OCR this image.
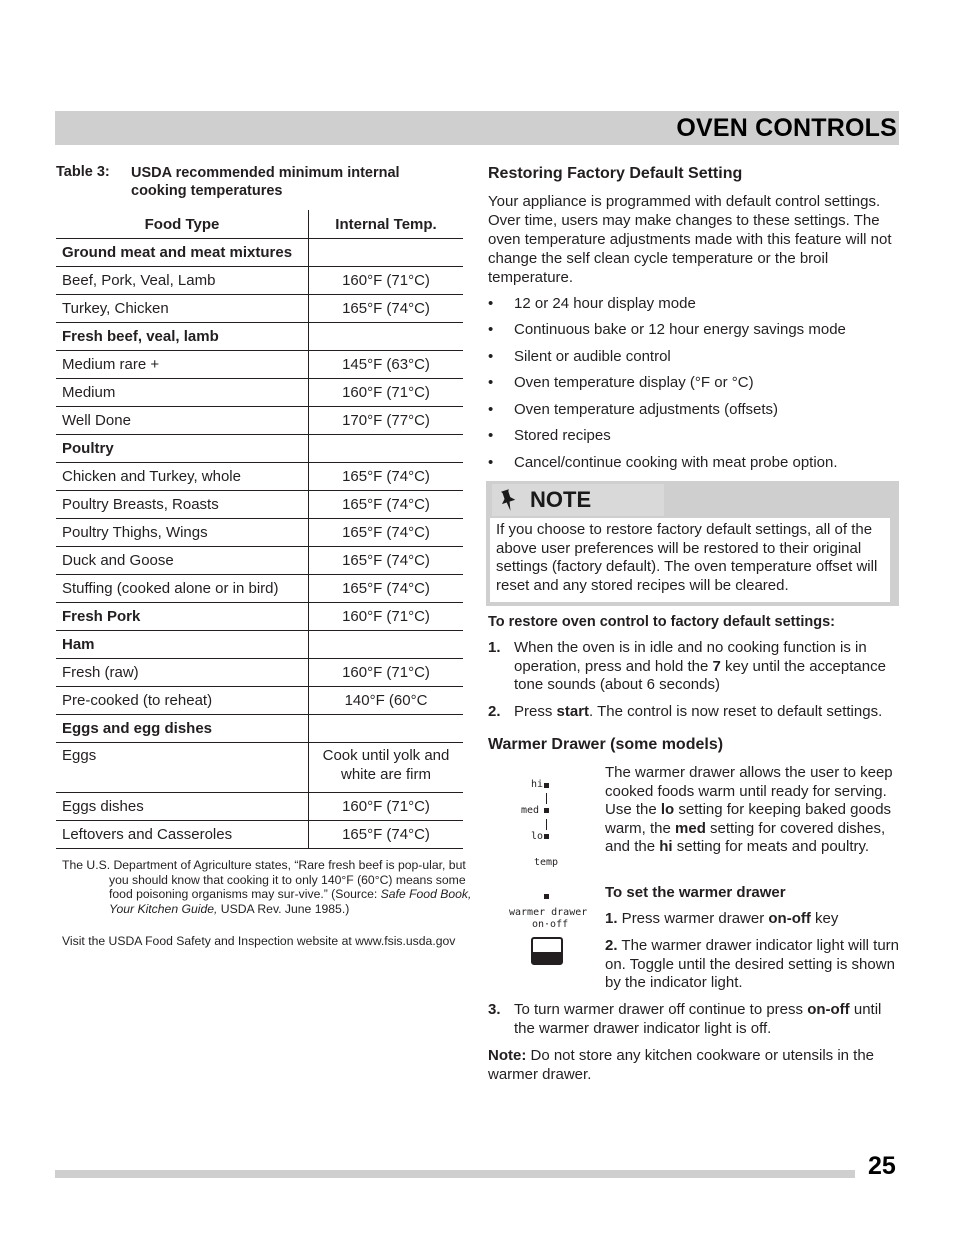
OVEN CONTROLS
Table 3: USDA recommended minimum internal cooking temperatures
Food Type	Internal Temp.
Ground meat and meat mixtures	
Beef, Pork, Veal, Lamb	160°F (71°C)
Turkey, Chicken	165°F (74°C)
Fresh beef, veal, lamb	
Medium rare +	145°F (63°C)
Medium	160°F (71°C)
Well Done	170°F (77°C)
Poultry	
Chicken and Turkey, whole	165°F (74°C)
Poultry Breasts, Roasts	165°F (74°C)
Poultry Thighs, Wings	165°F (74°C)
Duck and Goose	165°F (74°C)
Stuffing (cooked alone or in bird)	165°F (74°C)
Fresh Pork	160°F (71°C)
Ham	
Fresh (raw)	160°F (71°C)
Pre-cooked (to reheat)	140°F (60°C
Eggs and egg dishes	
Eggs	Cook until yolk and white are firm
Eggs dishes	160°F (71°C)
Leftovers and Casseroles	165°F (74°C)
The U.S. Department of Agriculture states, “Rare fresh beef is pop-ular, but you should know that cooking it to only 140°F (60°C) means some food poisoning organisms may sur-vive.” (Source: Safe Food Book, Your Kitchen Guide, USDA Rev. June 1985.)
Visit the USDA Food Safety and Inspection website at www.fsis.usda.gov
Restoring Factory Default Setting
Your appliance is programmed with default control settings. Over time, users may make changes to these settings. The oven temperature adjustments made with this feature will not change the self clean cycle temperature or the broil temperature.
• 12 or 24 hour display mode
• Continuous bake or 12 hour energy savings mode
• Silent or audible control
• Oven temperature display (°F or °C)
• Oven temperature adjustments (offsets)
• Stored recipes
• Cancel/continue cooking with meat probe option.
NOTE
If you choose to restore factory default settings, all of the above user preferences will be restored to their original settings (factory default). The oven temperature offset will reset and any stored recipes will be cleared.
To restore oven control to factory default settings:
1. When the oven is in idle and no cooking function is in operation, press and hold the 7 key until the acceptance tone sounds (about 6 seconds)
2. Press start. The control is now reset to default settings.
Warmer Drawer (some models)
hi
med
lo
temp
warmer drawer
on·off
The warmer drawer allows the user to keep cooked foods warm until ready for serving. Use the lo setting for keeping baked goods warm, the med setting for covered dishes, and the hi setting for meats and poultry.
To set the warmer drawer
1. Press warmer drawer on-off key
2. The warmer drawer indicator light will turn on. Toggle until the desired setting is shown by the indicator light.
3. To turn warmer drawer off continue to press on-off until the warmer drawer indicator light is off.
Note: Do not store any kitchen cookware or utensils in the warmer drawer.
25
